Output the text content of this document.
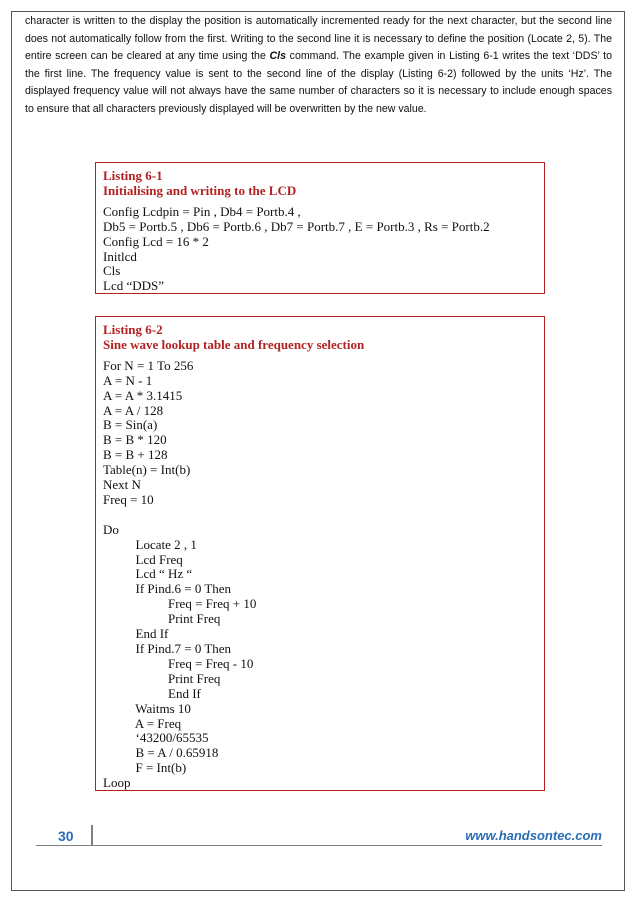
character is written to the display the position is automatically incremented ready for the next character, but the second line does not automatically follow from the first. Writing to the second line it is necessary to define the position (Locate 2, 5). The entire screen can be cleared at any time using the Cls command. The example given in Listing 6-1 writes the text ‘DDS’ to the first line. The frequency value is sent to the second line of the display (Listing 6-2) followed by the units ‘Hz’. The displayed frequency value will not always have the same number of characters so it is necessary to include enough spaces to ensure that all characters previously displayed will be overwritten by the new value.

Listing 6-1

Initialising and writing to the LCD

Config Lcdpin = Pin , Db4 = Portb.4 ,

Db5 = Portb.5 , Db6 = Portb.6 , Db7 = Portb.7 , E = Portb.3 , Rs = Portb.2

Config Lcd = 16 * 2

Initlcd

Cls

Lcd “DDS”

Listing 6-2

Sine wave lookup table and frequency selection

For N = 1 To 256

A = N - 1

A = A * 3.1415

A = A / 128

B = Sin(a)

B = B * 120

B = B + 128

Table(n) = Int(b)

Next N

Freq = 10

Do

Locate 2 , 1

Lcd Freq

Lcd “ Hz “

If Pind.6 = 0 Then

Freq = Freq + 10

Print Freq

End If

If Pind.7 = 0 Then

Freq = Freq - 10

Print Freq

End If

Waitms 10

A = Freq

‘43200/65535

B = A / 0.65918

F = Int(b)

Loop

30	www.handsontec.com
